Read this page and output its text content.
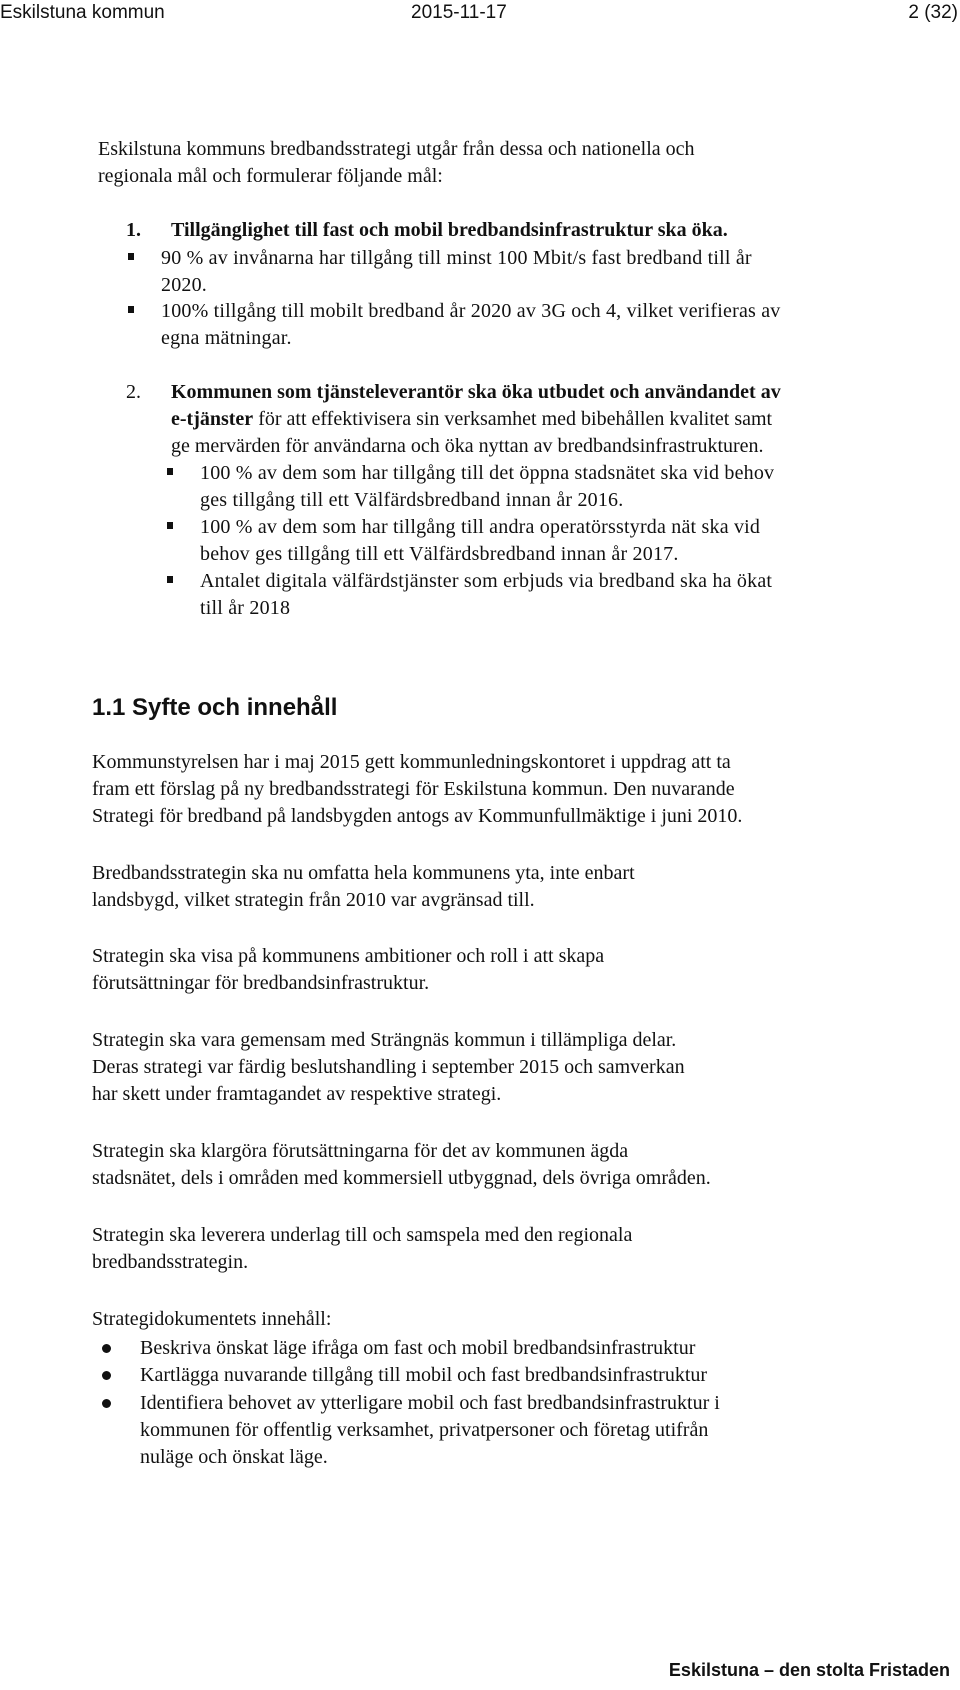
Eskilstuna kommun	2015-11-17	2 (32)
Eskilstuna kommuns bredbandsstrategi utgår från dessa och nationella och
regionala mål och formulerar följande mål:
1. Tillgänglighet till fast och mobil bredbandsinfrastruktur ska öka.
90 % av invånarna har tillgång till minst 100 Mbit/s fast bredband till år
2020.
100% tillgång till mobilt bredband år 2020 av 3G och 4, vilket verifieras av
egna mätningar.
2. Kommunen som tjänsteleverantör ska öka utbudet och användandet av
e-tjänster för att effektivisera sin verksamhet med bibehållen kvalitet samt
ge mervärden för användarna och öka nyttan av bredbandsinfrastrukturen.
100 % av dem som har tillgång till det öppna stadsnätet ska vid behov
ges tillgång till ett Välfärdsbredband innan år 2016.
100 % av dem som har tillgång till andra operatörsstyrda nät ska vid
behov ges tillgång till ett Välfärdsbredband innan år 2017.
Antalet digitala välfärdstjänster som erbjuds via bredband ska ha ökat
till år 2018
1.1 Syfte och innehåll
Kommunstyrelsen har i maj 2015 gett kommunledningskontoret i uppdrag att ta
fram ett förslag på ny bredbandsstrategi för Eskilstuna kommun. Den nuvarande
Strategi för bredband på landsbygden antogs av Kommunfullmäktige i juni 2010.
Bredbandsstrategin ska nu omfatta hela kommunens yta, inte enbart
landsbygd, vilket strategin från 2010 var avgränsad till.
Strategin ska visa på kommunens ambitioner och roll i att skapa
förutsättningar för bredbandsinfrastruktur.
Strategin ska vara gemensam med Strängnäs kommun i tillämpliga delar.
Deras strategi var färdig beslutshandling i september 2015 och samverkan
har skett under framtagandet av respektive strategi.
Strategin ska klargöra förutsättningarna för det av kommunen ägda
stadsnätet, dels i områden med kommersiell utbyggnad, dels övriga områden.
Strategin ska leverera underlag till och samspela med den regionala
bredbandsstrategin.
Strategidokumentets innehåll:
Beskriva önskat läge ifråga om fast och mobil bredbandsinfrastruktur
Kartlägga nuvarande tillgång till mobil och fast bredbandsinfrastruktur
Identifiera behovet av ytterligare mobil och fast bredbandsinfrastruktur i
kommunen för offentlig verksamhet, privatpersoner och företag utifrån
nuläge och önskat läge.
Eskilstuna – den stolta Fristaden
